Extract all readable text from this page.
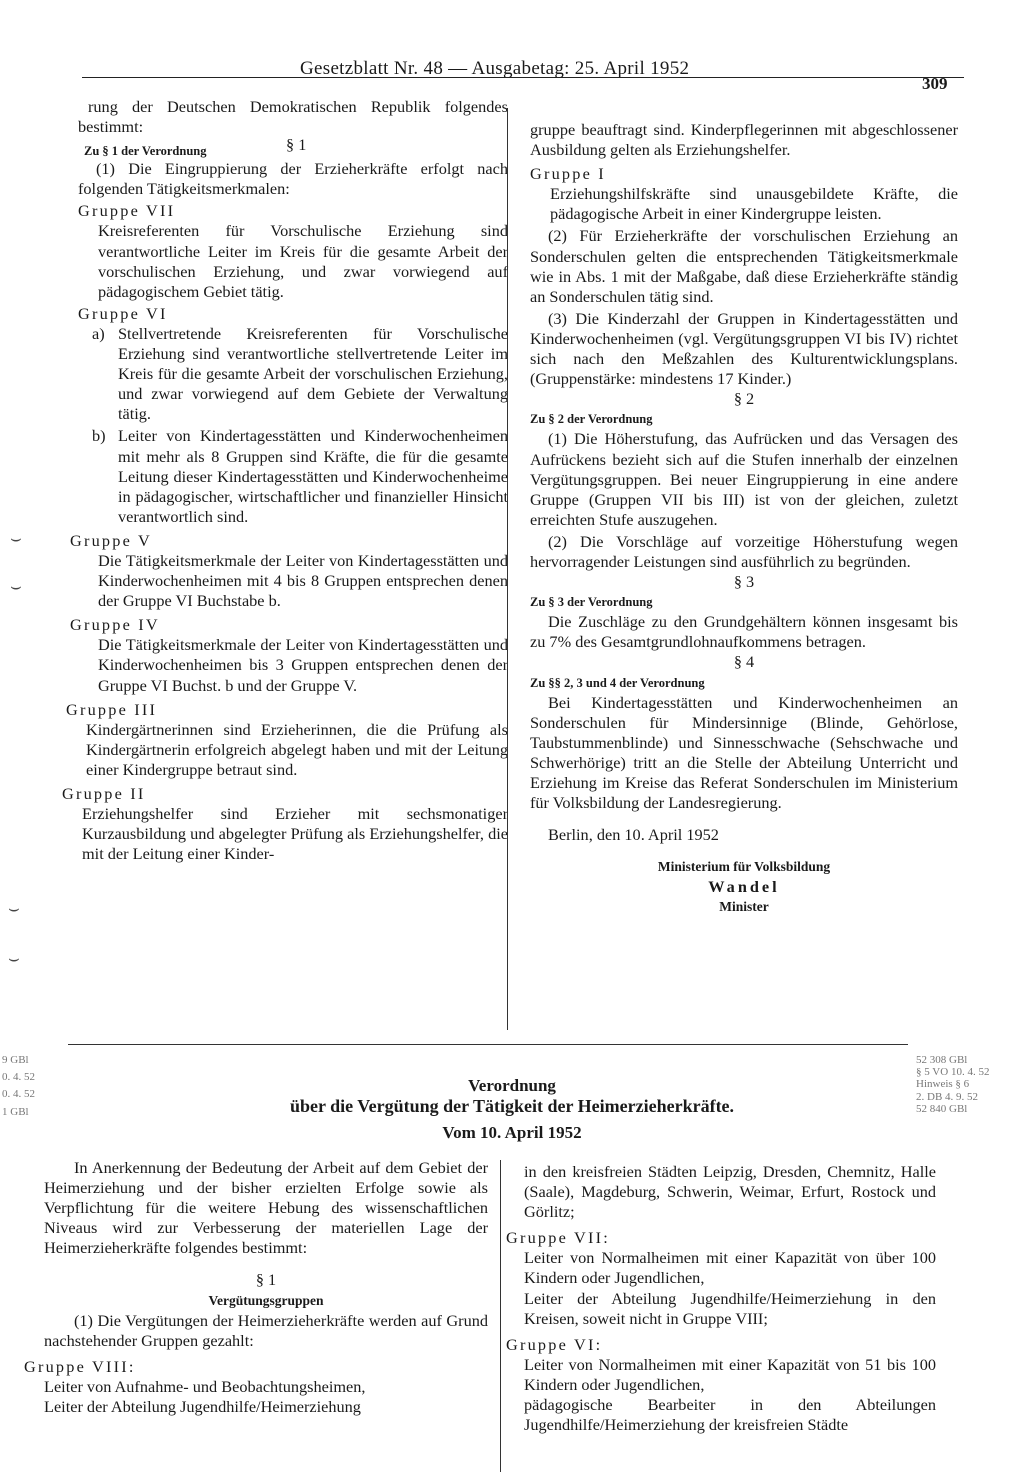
Gesetzblatt Nr. 48 — Ausgabetag: 25. April 1952
309

rung der Deutschen Demokratischen Republik folgendes bestimmt:

Zu § 1 der Verordnung	§ 1

(1) Die Eingruppierung der Erzieherkräfte erfolgt nach folgenden Tätigkeitsmerkmalen:

Gruppe VII

Kreisreferenten für Vorschulische Erziehung sind verantwortliche Leiter im Kreis für die gesamte Arbeit der vorschulischen Erziehung, und zwar vorwiegend auf pädagogischem Gebiet tätig.

Gruppe VI

a) Stellvertretende Kreisreferenten für Vorschulische Erziehung sind verantwortliche stellvertretende Leiter im Kreis für die gesamte Arbeit der vorschulischen Erziehung, und zwar vorwiegend auf dem Gebiete der Verwaltung tätig.
b) Leiter von Kindertagesstätten und Kinderwochenheimen mit mehr als 8 Gruppen sind Kräfte, die für die gesamte Leitung dieser Kindertagesstätten und Kinderwochenheime in pädagogischer, wirtschaftlicher und finanzieller Hinsicht verantwortlich sind.

Gruppe V

Die Tätigkeitsmerkmale der Leiter von Kindertagesstätten und Kinderwochenheimen mit 4 bis 8 Gruppen entsprechen denen der Gruppe VI Buchstabe b.

Gruppe IV

Die Tätigkeitsmerkmale der Leiter von Kindertagesstätten und Kinderwochenheimen bis 3 Gruppen entsprechen denen der Gruppe VI Buchst. b und der Gruppe V.

Gruppe III

Kindergärtnerinnen sind Erzieherinnen, die die Prüfung als Kindergärtnerin erfolgreich abgelegt haben und mit der Leitung einer Kindergruppe betraut sind.

Gruppe II

Erziehungshelfer sind Erzieher mit sechsmonatiger Kurzausbildung und abgelegter Prüfung als Erziehungshelfer, die mit der Leitung einer Kinder-

gruppe beauftragt sind. Kinderpflegerinnen mit abgeschlossener Ausbildung gelten als Erziehungshelfer.

Gruppe I

Erziehungshilfskräfte sind unausgebildete Kräfte, die pädagogische Arbeit in einer Kindergruppe leisten.

(2) Für Erzieherkräfte der vorschulischen Erziehung an Sonderschulen gelten die entsprechenden Tätigkeitsmerkmale wie in Abs. 1 mit der Maßgabe, daß diese Erzieherkräfte ständig an Sonderschulen tätig sind.

(3) Die Kinderzahl der Gruppen in Kindertagesstätten und Kinderwochenheimen (vgl. Vergütungsgruppen VI bis IV) richtet sich nach den Meßzahlen des Kulturentwicklungsplans. (Gruppenstärke: mindestens 17 Kinder.)

§ 2

Zu § 2 der Verordnung

(1) Die Höherstufung, das Aufrücken und das Versagen des Aufrückens bezieht sich auf die Stufen innerhalb der einzelnen Vergütungsgruppen. Bei neuer Eingruppierung in eine andere Gruppe (Gruppen VII bis III) ist von der gleichen, zuletzt erreichten Stufe auszugehen.

(2) Die Vorschläge auf vorzeitige Höherstufung wegen hervorragender Leistungen sind ausführlich zu begründen.

§ 3

Zu § 3 der Verordnung

Die Zuschläge zu den Grundgehältern können insgesamt bis zu 7% des Gesamtgrundlohnaufkommens betragen.

§ 4

Zu §§ 2, 3 und 4 der Verordnung

Bei Kindertagesstätten und Kinderwochenheimen an Sonderschulen für Mindersinnige (Blinde, Gehörlose, Taubstummenblinde) und Sinnesschwache (Sehschwache und Schwerhörige) tritt an die Stelle der Abteilung Unterricht und Erziehung im Kreise das Referat Sonderschulen im Ministerium für Volksbildung der Landesregierung.

Berlin, den 10. April 1952

Ministerium für Volksbildung

Wandel

Minister

⌣
⌣
⌣
⌣
9 GBl
0. 4. 52
0. 4. 52
1 GBl
52 308 GBl
§ 5 VO 10. 4. 52
Hinweis § 6
2. DB 4. 9. 52
52 840 GBl

Verordnung

über die Vergütung der Tätigkeit der Heimerzieherkräfte.

Vom 10. April 1952

In Anerkennung der Bedeutung der Arbeit auf dem Gebiet der Heimerziehung und der bisher erzielten Erfolge sowie als Verpflichtung für die weitere Hebung des wissenschaftlichen Niveaus wird zur Verbesserung der materiellen Lage der Heimerzieherkräfte folgendes bestimmt:

§ 1

Vergütungsgruppen

(1) Die Vergütungen der Heimerzieherkräfte werden auf Grund nachstehender Gruppen gezahlt:

Gruppe VIII:

Leiter von Aufnahme- und Beobachtungsheimen,

Leiter der Abteilung Jugendhilfe/Heimerziehung

in den kreisfreien Städten Leipzig, Dresden, Chemnitz, Halle (Saale), Magdeburg, Schwerin, Weimar, Erfurt, Rostock und Görlitz;

Gruppe VII:

Leiter von Normalheimen mit einer Kapazität von über 100 Kindern oder Jugendlichen,

Leiter der Abteilung Jugendhilfe/Heimerziehung in den Kreisen, soweit nicht in Gruppe VIII;

Gruppe VI:

Leiter von Normalheimen mit einer Kapazität von 51 bis 100 Kindern oder Jugendlichen,

pädagogische Bearbeiter in den Abteilungen Jugendhilfe/Heimerziehung der kreisfreien Städte
